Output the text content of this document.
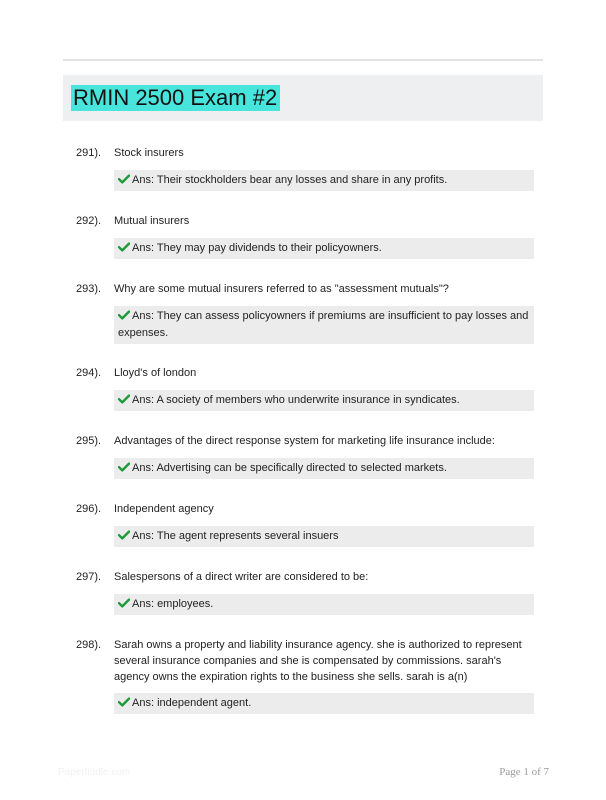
RMIN 2500 Exam #2
291). Stock insurers
Ans: Their stockholders bear any losses and share in any profits.
292). Mutual insurers
Ans: They may pay dividends to their policyowners.
293). Why are some mutual insurers referred to as "assessment mutuals"?
Ans: They can assess policyowners if premiums are insufficient to pay losses and expenses.
294). Lloyd's of london
Ans: A society of members who underwrite insurance in syndicates.
295). Advantages of the direct response system for marketing life insurance include:
Ans: Advertising can be specifically directed to selected markets.
296). Independent agency
Ans: The agent represents several insuers
297). Salespersons of a direct writer are considered to be:
Ans: employees.
298). Sarah owns a property and liability insurance agency. she is authorized to represent several insurance companies and she is compensated by commissions. sarah's agency owns the expiration rights to the business she sells. sarah is a(n)
Ans: independent agent.
Paperfiddle.com	Page 1 of 7
